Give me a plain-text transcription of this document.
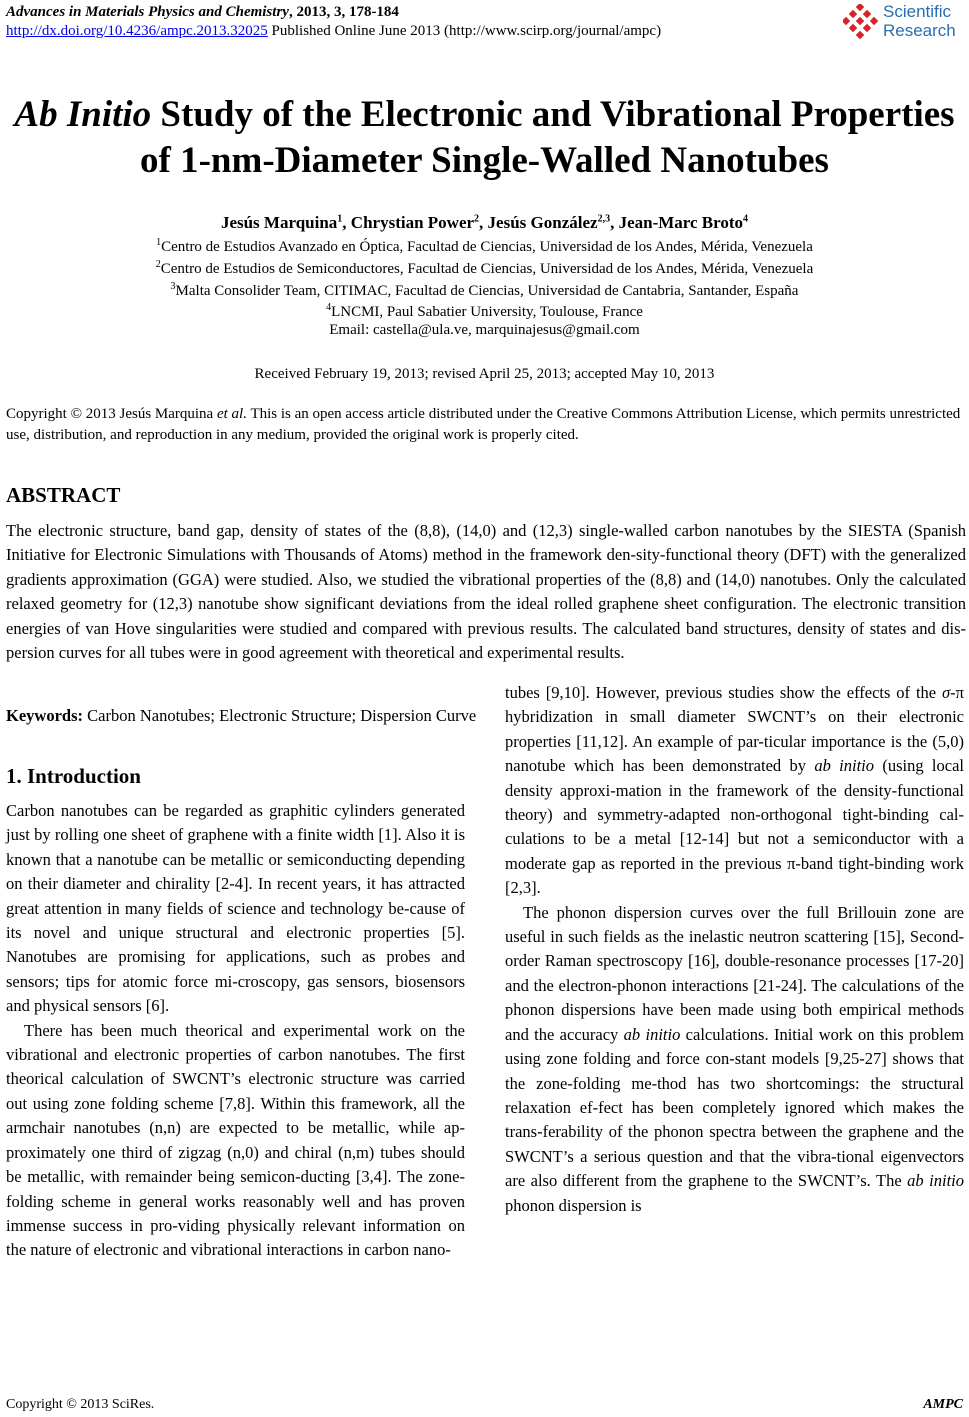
Advances in Materials Physics and Chemistry, 2013, 3, 178-184
http://dx.doi.org/10.4236/ampc.2013.32025 Published Online June 2013 (http://www.scirp.org/journal/ampc)
Scientific
Research
Ab Initio Study of the Electronic and Vibrational Properties
of 1-nm-Diameter Single-Walled Nanotubes
Jesús Marquina$^1$, Chrystian Power$^2$, Jesús González$^{2,3}$, Jean-Marc Broto$^4$
$^1$Centro de Estudios Avanzado en Óptica, Facultad de Ciencias, Universidad de los Andes, Mérida, Venezuela
$^2$Centro de Estudios de Semiconductores, Facultad de Ciencias, Universidad de los Andes, Mérida, Venezuela
$^3$Malta Consolider Team, CITIMAC, Facultad de Ciencias, Universidad de Cantabria, Santander, España
$^4$LNCMI, Paul Sabatier University, Toulouse, France
Email: castella@ula.ve, marquinajesus@gmail.com
Received February 19, 2013; revised April 25, 2013; accepted May 10, 2013
Copyright © 2013 Jesús Marquina et al. This is an open access article distributed under the Creative Commons Attribution License, which permits unrestricted use, distribution, and reproduction in any medium, provided the original work is properly cited.
ABSTRACT
The electronic structure, band gap, density of states of the (8,8), (14,0) and (12,3) single-walled carbon nanotubes by the SIESTA (Spanish Initiative for Electronic Simulations with Thousands of Atoms) method in the framework den-sity-functional theory (DFT) with the generalized gradients approximation (GGA) were studied. Also, we studied the vibrational properties of the (8,8) and (14,0) nanotubes. Only the calculated relaxed geometry for (12,3) nanotube show significant deviations from the ideal rolled graphene sheet configuration. The electronic transition energies of van Hove singularities were studied and compared with previous results. The calculated band structures, density of states and dis-persion curves for all tubes were in good agreement with theoretical and experimental results.
Keywords: Carbon Nanotubes; Electronic Structure; Dispersion Curve
1. Introduction

Carbon nanotubes can be regarded as graphitic cylinders generated just by rolling one sheet of graphene with a finite width [1]. Also it is known that a nanotube can be metallic or semiconducting depending on their diameter and chirality [2-4]. In recent years, it has attracted great attention in many fields of science and technology be-cause of its novel and unique structural and electronic properties [5]. Nanotubes are promising for applications, such as probes and sensors; tips for atomic force mi-croscopy, gas sensors, biosensors and physical sensors [6].

There has been much theorical and experimental work on the vibrational and electronic properties of carbon nanotubes. The first theorical calculation of SWCNT’s electronic structure was carried out using zone folding scheme [7,8]. Within this framework, all the armchair nanotubes (n,n) are expected to be metallic, while ap-proximately one third of zigzag (n,0) and chiral (n,m) tubes should be metallic, with remainder being semicon-ducting [3,4]. The zone-folding scheme in general works reasonably well and has proven immense success in pro-viding physically relevant information on the nature of electronic and vibrational interactions in carbon nano-

tubes [9,10]. However, previous studies show the effects of the σ-π hybridization in small diameter SWCNT’s on their electronic properties [11,12]. An example of par-ticular importance is the (5,0) nanotube which has been demonstrated by ab initio (using local density approxi-mation in the framework of the density-functional theory) and symmetry-adapted non-orthogonal tight-binding cal-culations to be a metal [12-14] but not a semiconductor with a moderate gap as reported in the previous π-band tight-binding work [2,3].

The phonon dispersion curves over the full Brillouin zone are useful in such fields as the inelastic neutron scattering [15], Second-order Raman spectroscopy [16], double-resonance processes [17-20] and the electron-phonon interactions [21-24]. The calculations of the phonon dispersions have been made using both empirical methods and the accuracy ab initio calculations. Initial work on this problem using zone folding and force con-stant models [9,25-27] shows that the zone-folding me-thod has two shortcomings: the structural relaxation ef-fect has been completely ignored which makes the trans-ferability of the phonon spectra between the graphene and the SWCNT’s a serious question and that the vibra-tional eigenvectors are also different from the graphene to the SWCNT’s. The ab initio phonon dispersion is

Copyright © 2013 SciRes.	AMPC
